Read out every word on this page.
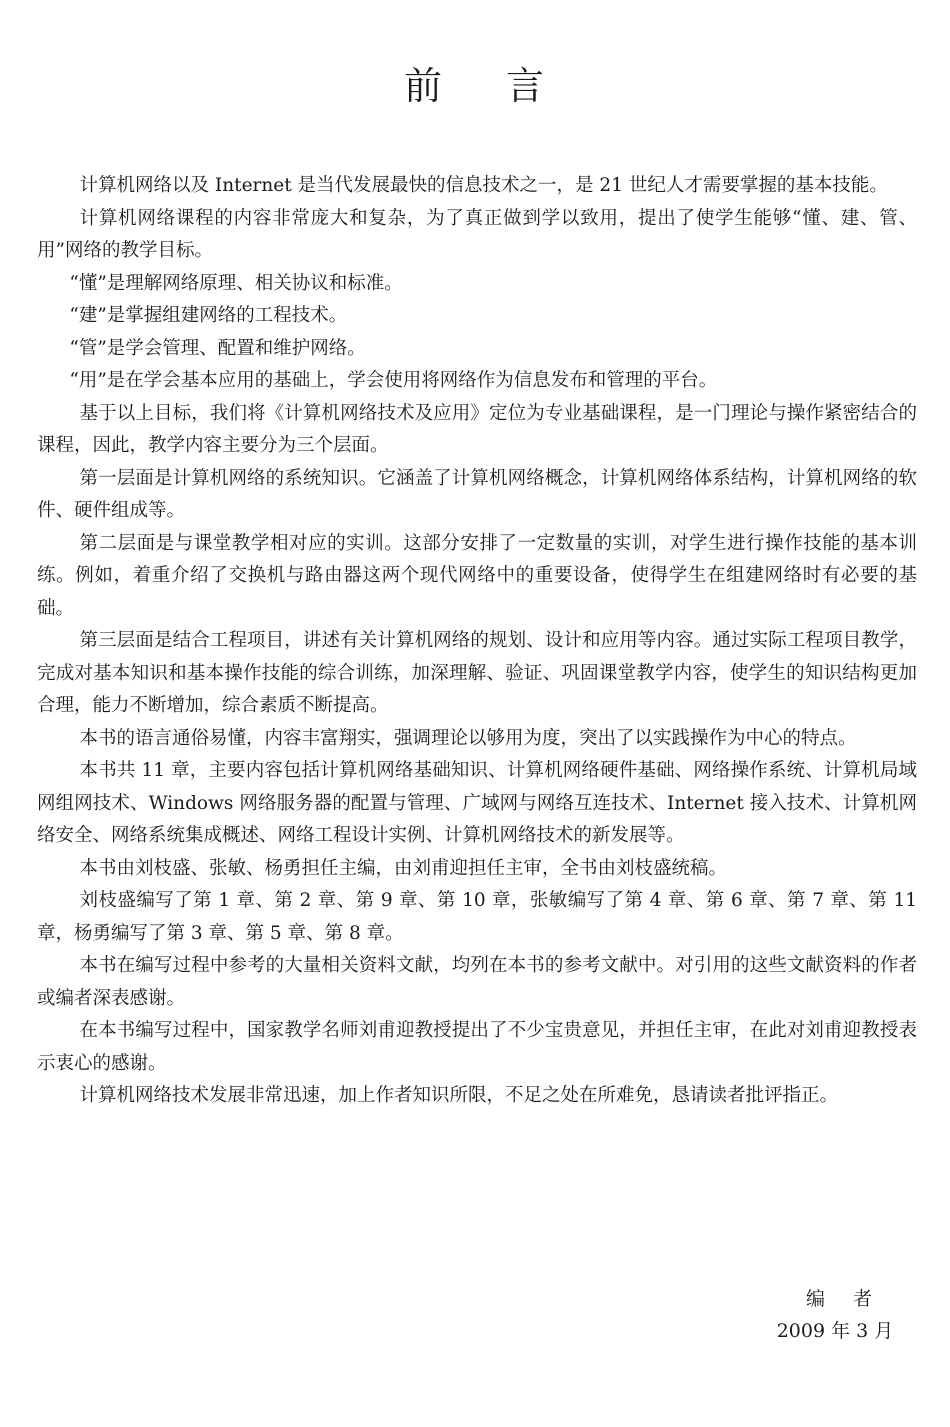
前 言

计算机网络以及 Internet 是当代发展最快的信息技术之一，是 21 世纪人才需要掌握的基本技能。

计算机网络课程的内容非常庞大和复杂，为了真正做到学以致用，提出了使学生能够“懂、建、管、用”网络的教学目标。

“懂”是理解网络原理、相关协议和标准。

“建”是掌握组建网络的工程技术。

“管”是学会管理、配置和维护网络。

“用”是在学会基本应用的基础上，学会使用将网络作为信息发布和管理的平台。

基于以上目标，我们将《计算机网络技术及应用》定位为专业基础课程，是一门理论与操作紧密结合的课程，因此，教学内容主要分为三个层面。

第一层面是计算机网络的系统知识。它涵盖了计算机网络概念，计算机网络体系结构，计算机网络的软件、硬件组成等。

第二层面是与课堂教学相对应的实训。这部分安排了一定数量的实训，对学生进行操作技能的基本训练。例如，着重介绍了交换机与路由器这两个现代网络中的重要设备，使得学生在组建网络时有必要的基础。

第三层面是结合工程项目，讲述有关计算机网络的规划、设计和应用等内容。通过实际工程项目教学，完成对基本知识和基本操作技能的综合训练，加深理解、验证、巩固课堂教学内容，使学生的知识结构更加合理，能力不断增加，综合素质不断提高。

本书的语言通俗易懂，内容丰富翔实，强调理论以够用为度，突出了以实践操作为中心的特点。

本书共 11 章，主要内容包括计算机网络基础知识、计算机网络硬件基础、网络操作系统、计算机局域网组网技术、Windows 网络服务器的配置与管理、广域网与网络互连技术、Internet 接入技术、计算机网络安全、网络系统集成概述、网络工程设计实例、计算机网络技术的新发展等。

本书由刘枝盛、张敏、杨勇担任主编，由刘甫迎担任主审，全书由刘枝盛统稿。

刘枝盛编写了第 1 章、第 2 章、第 9 章、第 10 章，张敏编写了第 4 章、第 6 章、第 7 章、第 11 章，杨勇编写了第 3 章、第 5 章、第 8 章。

本书在编写过程中参考的大量相关资料文献，均列在本书的参考文献中。对引用的这些文献资料的作者或编者深表感谢。

在本书编写过程中，国家教学名师刘甫迎教授提出了不少宝贵意见，并担任主审，在此对刘甫迎教授表示衷心的感谢。

计算机网络技术发展非常迅速，加上作者知识所限，不足之处在所难免，恳请读者批评指正。

编 者
2009 年 3 月
